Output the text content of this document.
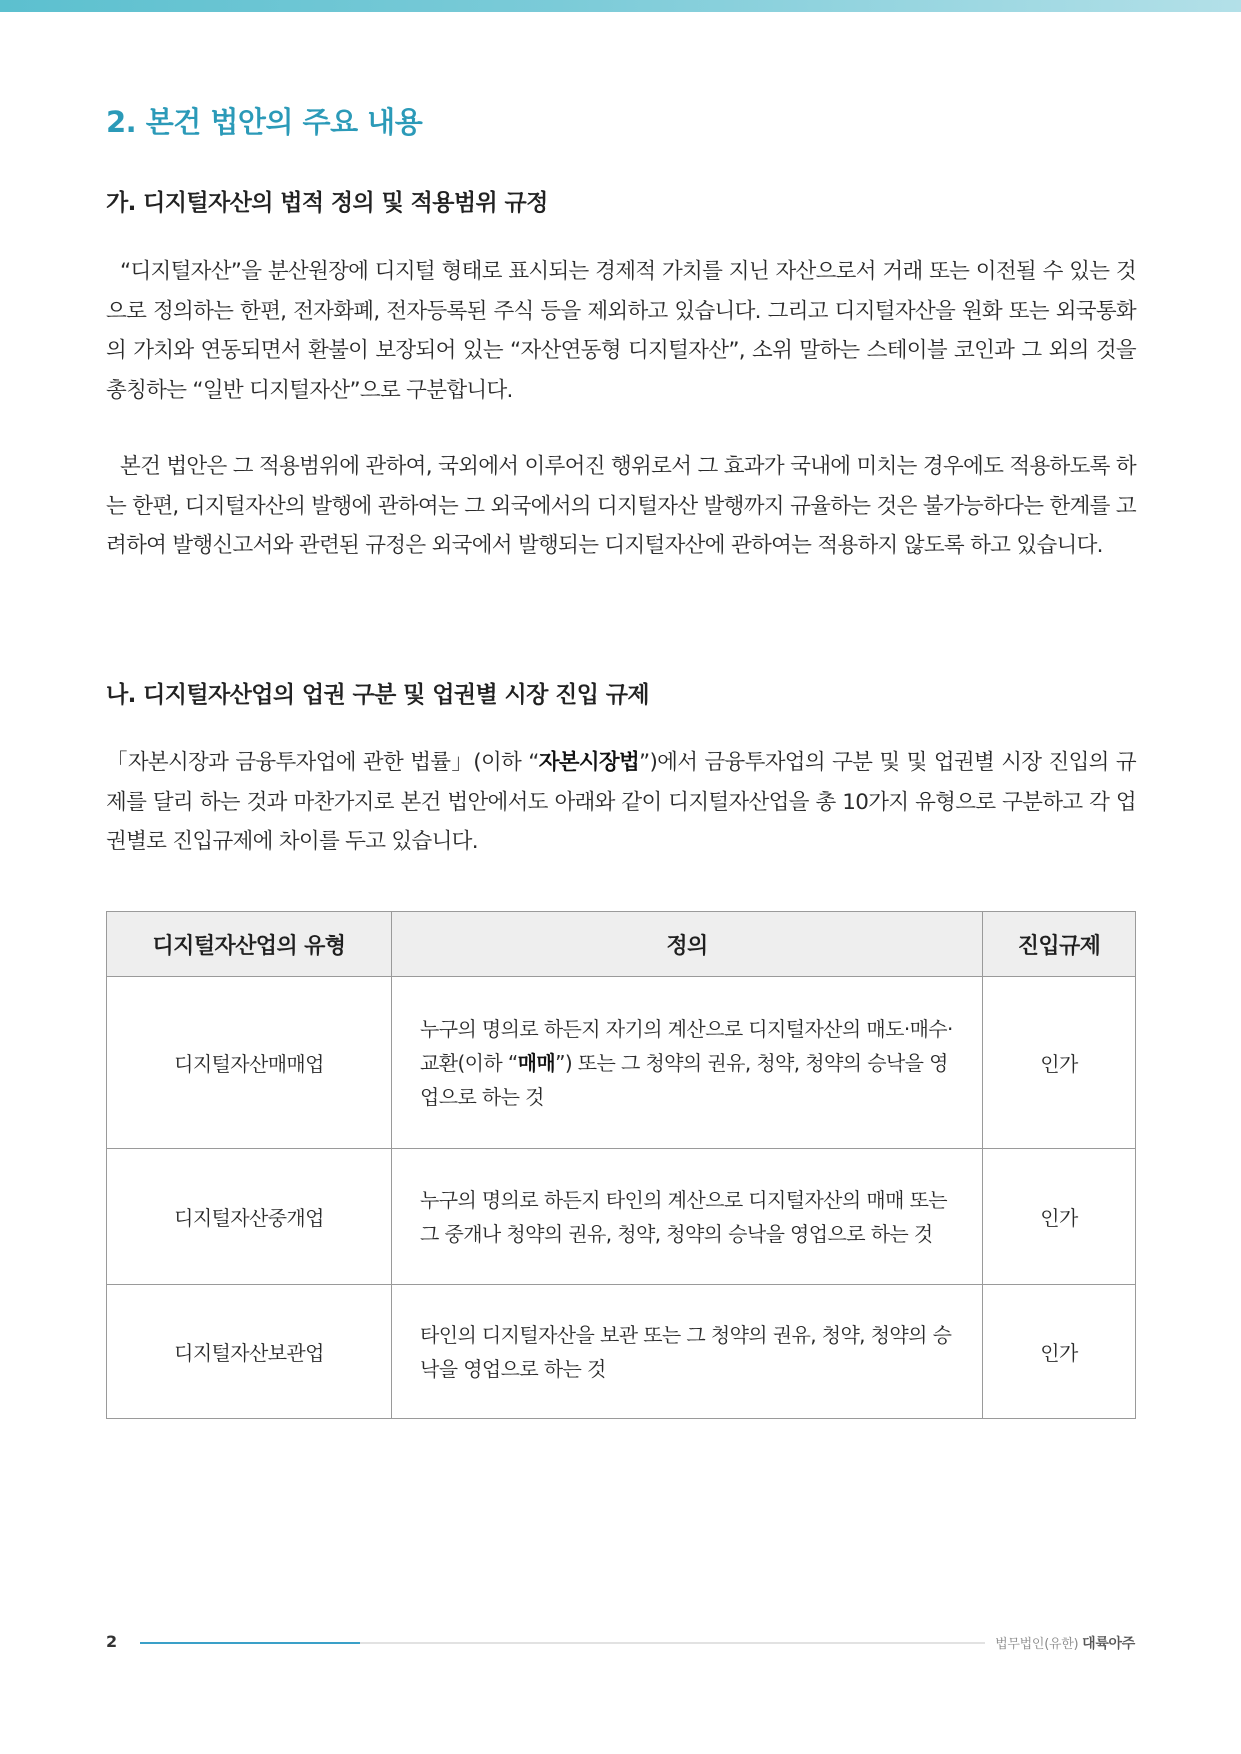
2. 본건 법안의 주요 내용
가. 디지털자산의 법적 정의 및 적용범위 규정

“디지털자산”을 분산원장에 디지털 형태로 표시되는 경제적 가치를 지닌 자산으로서 거래 또는 이전될 수 있는 것으로 정의하는 한편, 전자화폐, 전자등록된 주식 등을 제외하고 있습니다. 그리고 디지털자산을 원화 또는 외국통화의 가치와 연동되면서 환불이 보장되어 있는 “자산연동형 디지털자산”, 소위 말하는 스테이블 코인과 그 외의 것을 총칭하는 “일반 디지털자산”으로 구분합니다.

본건 법안은 그 적용범위에 관하여, 국외에서 이루어진 행위로서 그 효과가 국내에 미치는 경우에도 적용하도록 하는 한편, 디지털자산의 발행에 관하여는 그 외국에서의 디지털자산 발행까지 규율하는 것은 불가능하다는 한계를 고려하여 발행신고서와 관련된 규정은 외국에서 발행되는 디지털자산에 관하여는 적용하지 않도록 하고 있습니다.

나. 디지털자산업의 업권 구분 및 업권별 시장 진입 규제

「자본시장과 금융투자업에 관한 법률」(이하 “자본시장법”)에서 금융투자업의 구분 및 및 업권별 시장 진입의 규제를 달리 하는 것과 마찬가지로 본건 법안에서도 아래와 같이 디지털자산업을 총 10가지 유형으로 구분하고 각 업권별로 진입규제에 차이를 두고 있습니다.

디지털자산업의 유형	정의	진입규제
디지털자산매매업	누구의 명의로 하든지 자기의 계산으로 디지털자산의 매도·매수·교환(이하 “매매”) 또는 그 청약의 권유, 청약, 청약의 승낙을 영업으로 하는 것	인가
디지털자산중개업	누구의 명의로 하든지 타인의 계산으로 디지털자산의 매매 또는 그 중개나 청약의 권유, 청약, 청약의 승낙을 영업으로 하는 것	인가
디지털자산보관업	타인의 디지털자산을 보관 또는 그 청약의 권유, 청약, 청약의 승낙을 영업으로 하는 것	인가
2	법무법인(유한) 대륙아주
